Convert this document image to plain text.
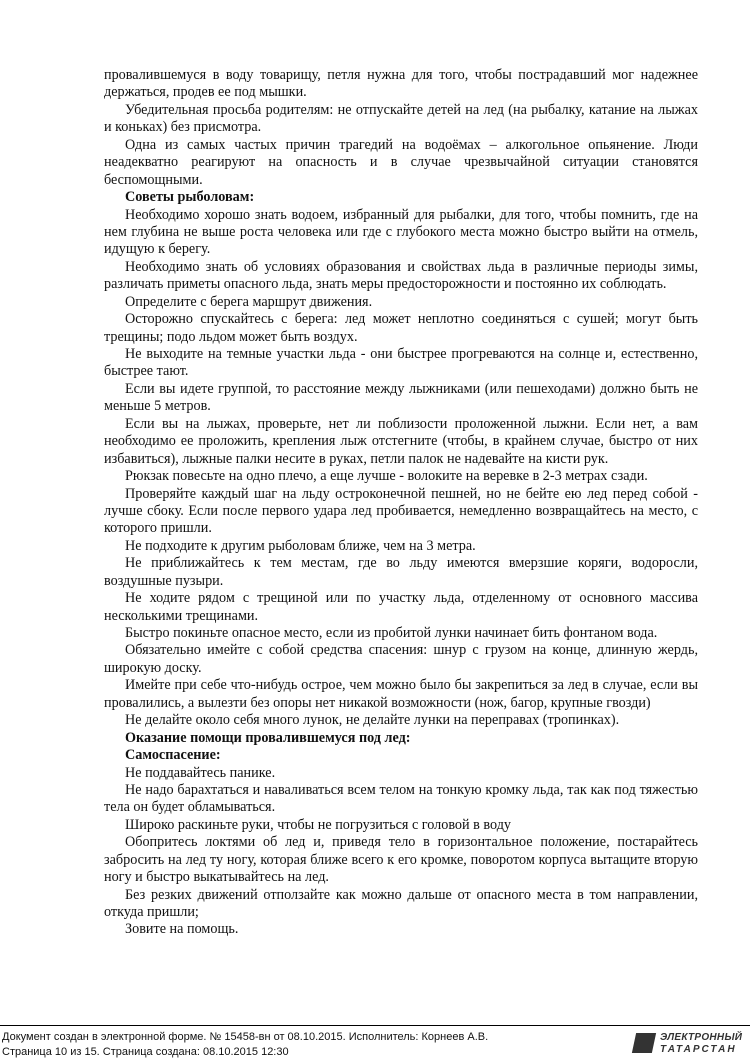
провалившемуся в воду товарищу, петля нужна для того, чтобы пострадавший мог надежнее держаться, продев ее под мышки.

Убедительная просьба родителям: не отпускайте детей на лед (на рыбалку, катание на лыжах и коньках) без присмотра.

Одна из самых частых причин трагедий на водоёмах – алкогольное опьянение. Люди неадекватно реагируют на опасность и в случае чрезвычайной ситуации становятся беспомощными.

Советы рыболовам:

Необходимо хорошо знать водоем, избранный для рыбалки, для того, чтобы помнить, где на нем глубина не выше роста человека или где с глубокого места можно быстро выйти на отмель, идущую к берегу.

Необходимо знать об условиях образования и свойствах льда в различные периоды зимы, различать приметы опасного льда, знать меры предосторожности и постоянно их соблюдать.

Определите с берега маршрут движения.

Осторожно спускайтесь с берега: лед может неплотно соединяться с сушей; могут быть трещины; подо льдом может быть воздух.

Не выходите на темные участки льда - они быстрее прогреваются на солнце и, естественно, быстрее тают.

Если вы идете группой, то расстояние между лыжниками (или пешеходами) должно быть не меньше 5 метров.

Если вы на лыжах, проверьте, нет ли поблизости проложенной лыжни. Если нет, а вам необходимо ее проложить, крепления лыж отстегните (чтобы, в крайнем случае, быстро от них избавиться), лыжные палки несите в руках, петли палок не надевайте на кисти рук.

Рюкзак повесьте на одно плечо, а еще лучше - волоките на веревке в 2-3 метрах сзади.

Проверяйте каждый шаг на льду остроконечной пешней, но не бейте ею лед перед собой - лучше сбоку. Если после первого удара лед пробивается, немедленно возвращайтесь на место, с которого пришли.

Не подходите к другим рыболовам ближе, чем на 3 метра.

Не приближайтесь к тем местам, где во льду имеются вмерзшие коряги, водоросли, воздушные пузыри.

Не ходите рядом с трещиной или по участку льда, отделенному от основного массива несколькими трещинами.

Быстро покиньте опасное место, если из пробитой лунки начинает бить фонтаном вода.

Обязательно имейте с собой средства спасения: шнур с грузом на конце, длинную жердь, широкую доску.

Имейте при себе что-нибудь острое, чем можно было бы закрепиться за лед в случае, если вы провалились, а вылезти без опоры нет никакой возможности (нож, багор, крупные гвозди)

Не делайте около себя много лунок, не делайте лунки на переправах (тропинках).

Оказание помощи провалившемуся под лед:

Самоспасение:

Не поддавайтесь панике.

Не надо барахтаться и наваливаться всем телом на тонкую кромку льда, так как под тяжестью тела он будет обламываться.

Широко раскиньте руки, чтобы не погрузиться с головой в воду

Обопритесь локтями об лед и, приведя тело в горизонтальное положение, постарайтесь забросить на лед ту ногу, которая ближе всего к его кромке, поворотом корпуса вытащите вторую ногу и быстро выкатывайтесь на лед.

Без резких движений отползайте как можно дальше от опасного места в том направлении, откуда пришли;

Зовите на помощь.

Документ создан в электронной форме. № 15458-вн от 08.10.2015. Исполнитель: Корнеев А.В.
Страница 10 из 15. Страница создана: 08.10.2015 12:30
ЭЛЕКТРОННЫЙ
ТАТАРСТАН
